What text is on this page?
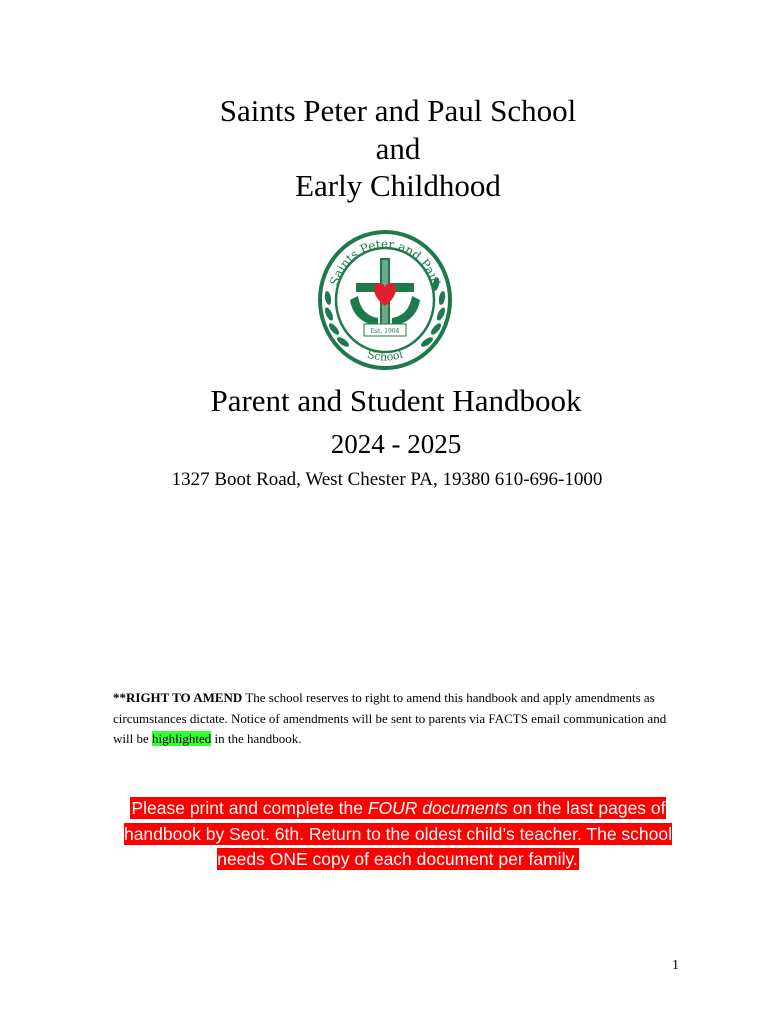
Saints Peter and Paul School
and
Early Childhood
Est. 1904
Saints Peter and Paul
School
Parent and Student Handbook
2024 - 2025
1327 Boot Road, West Chester PA, 19380 610-696-1000
**RIGHT TO AMEND The school reserves to right to amend this handbook and apply amendments as circumstances dictate. Notice of amendments will be sent to parents via FACTS email communication and will be highlighted in the handbook.
Please print and complete the FOUR documents on the last pages of handbook by Seot. 6th. Return to the oldest child’s teacher. The school needs ONE copy of each document per family.
1
